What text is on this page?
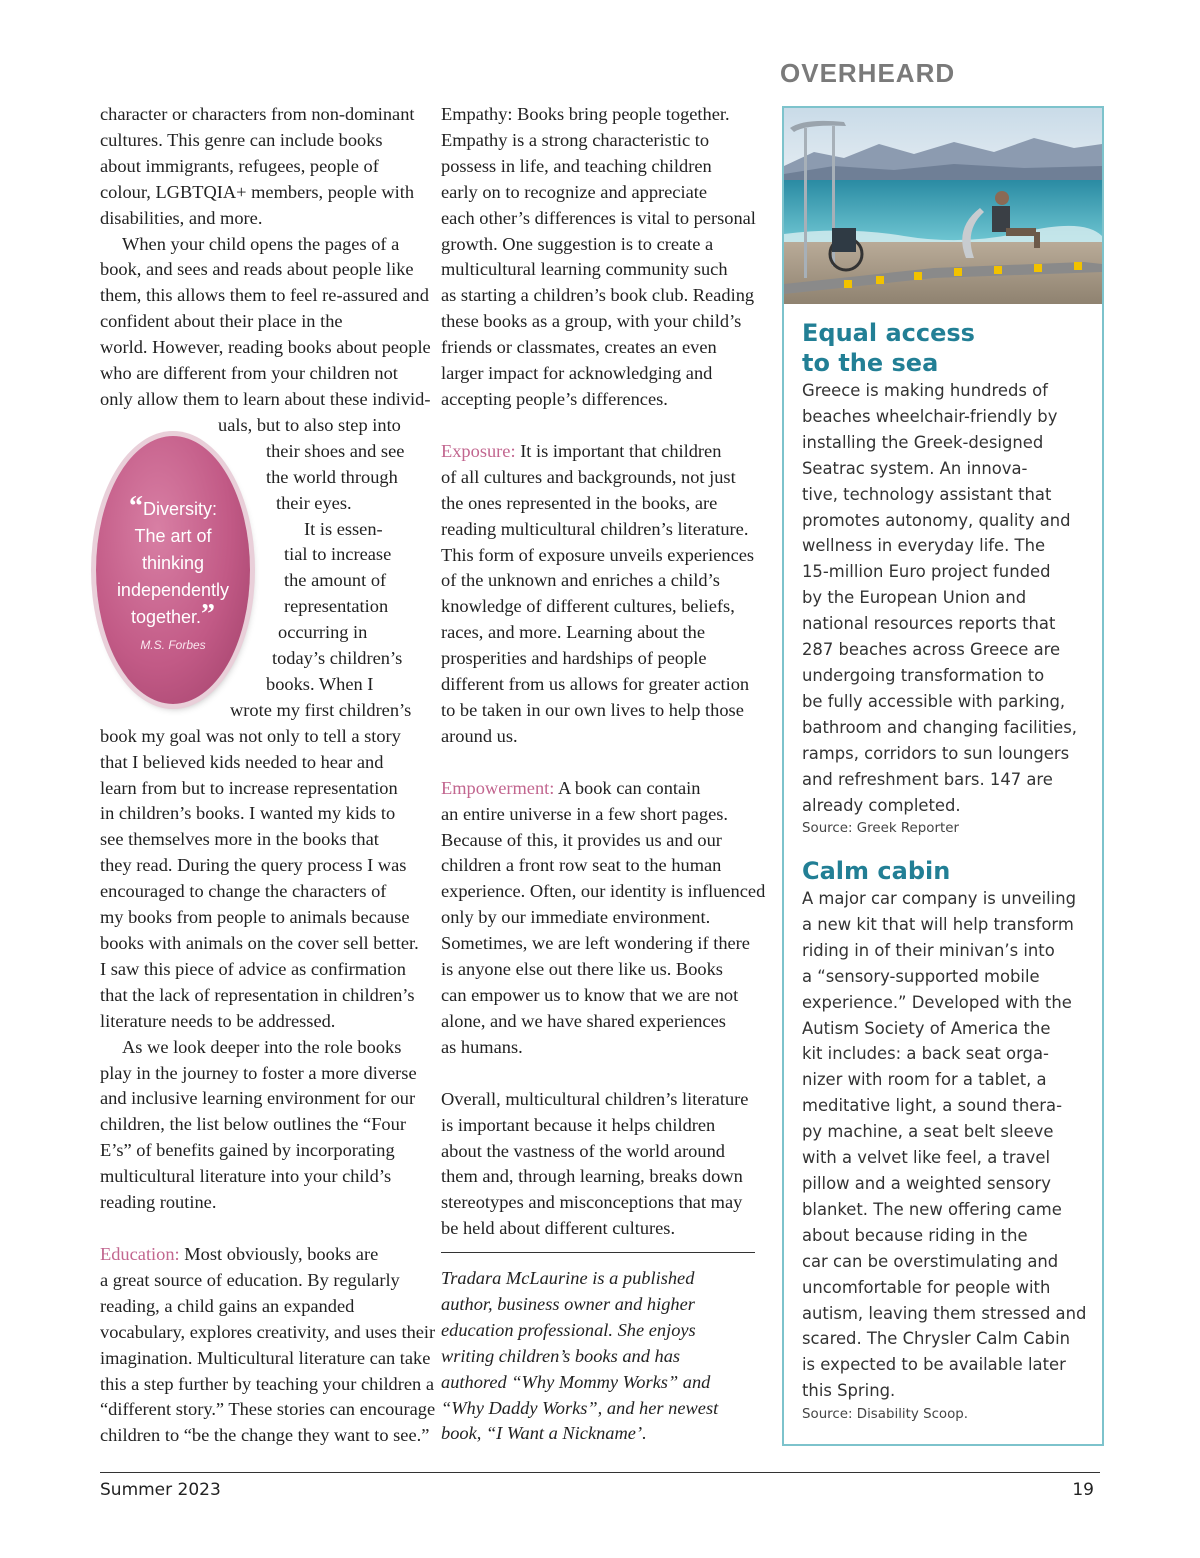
character or characters from non-dominant
cultures. This genre can include books
about immigrants, refugees, people of
colour, LGBTQIA+ members, people with
disabilities, and more.
When your child opens the pages of a
book, and sees and reads about people like
them, this allows them to feel re-assured and
confident about their place in the
world. However, reading books about people
who are different from your children not
only allow them to learn about these individ-
uals, but to also step into
their shoes and see
the world through
their eyes.
It is essen-
tial to increase
the amount of
representation
occurring in
today’s children’s
books. When I
wrote my first children’s
book my goal was not only to tell a story
that I believed kids needed to hear and
learn from but to increase representation
in children’s books. I wanted my kids to
see themselves more in the books that
they read. During the query process I was
encouraged to change the characters of
my books from people to animals because
books with animals on the cover sell better.
I saw this piece of advice as confirmation
that the lack of representation in children’s
literature needs to be addressed.
As we look deeper into the role books
play in the journey to foster a more diverse
and inclusive learning environment for our
children, the list below outlines the “Four
E’s” of benefits gained by incorporating
multicultural literature into your child’s
reading routine.
Education: Most obviously, books are
a great source of education. By regularly
reading, a child gains an expanded
vocabulary, explores creativity, and uses their
imagination. Multicultural literature can take
this a step further by teaching your children a
“different story.” These stories can encourage
children to “be the change they want to see.”
“Diversity:
The art of
thinking
independently
together.”
M.S. Forbes
Empathy: Books bring people together.
Empathy is a strong characteristic to
possess in life, and teaching children
early on to recognize and appreciate
each other’s differences is vital to personal
growth. One suggestion is to create a
multicultural learning community such
as starting a children’s book club. Reading
these books as a group, with your child’s
friends or classmates, creates an even
larger impact for acknowledging and
accepting people’s differences.
Exposure: It is important that children
of all cultures and backgrounds, not just
the ones represented in the books, are
reading multicultural children’s literature.
This form of exposure unveils experiences
of the unknown and enriches a child’s
knowledge of different cultures, beliefs,
races, and more. Learning about the
prosperities and hardships of people
different from us allows for greater action
to be taken in our own lives to help those
around us.
Empowerment: A book can contain
an entire universe in a few short pages.
Because of this, it provides us and our
children a front row seat to the human
experience. Often, our identity is influenced
only by our immediate environment.
Sometimes, we are left wondering if there
is anyone else out there like us. Books
can empower us to know that we are not
alone, and we have shared experiences
as humans.
Overall, multicultural children’s literature
is important because it helps children
about the vastness of the world around
them and, through learning, breaks down
stereotypes and misconceptions that may
be held about different cultures.
Tradara McLaurine is a published
author, business owner and higher
education professional. She enjoys
writing children’s books and has
authored “Why Mommy Works” and
“Why Daddy Works”, and her newest
book, “I Want a Nickname’.
OVERHEARD
Equal access
to the sea
Greece is making hundreds of
beaches wheelchair-friendly by
installing the Greek-designed
Seatrac system. An innova-
tive, technology assistant that
promotes autonomy, quality and
wellness in everyday life. The
15-million Euro project funded
by the European Union and
national resources reports that
287 beaches across Greece are
undergoing transformation to
be fully accessible with parking,
bathroom and changing facilities,
ramps, corridors to sun loungers
and refreshment bars. 147 are
already completed.
Source: Greek Reporter
Calm cabin
A major car company is unveiling
a new kit that will help transform
riding in of their minivan’s into
a “sensory-supported mobile
experience.” Developed with the
Autism Society of America the
kit includes: a back seat orga-
nizer with room for a tablet, a
meditative light, a sound thera-
py machine, a seat belt sleeve
with a velvet like feel, a travel
pillow and a weighted sensory
blanket. The new offering came
about because riding in the
car can be overstimulating and
uncomfortable for people with
autism, leaving them stressed and
scared. The Chrysler Calm Cabin
is expected to be available later
this Spring.
Source: Disability Scoop.
Summer 2023	19
